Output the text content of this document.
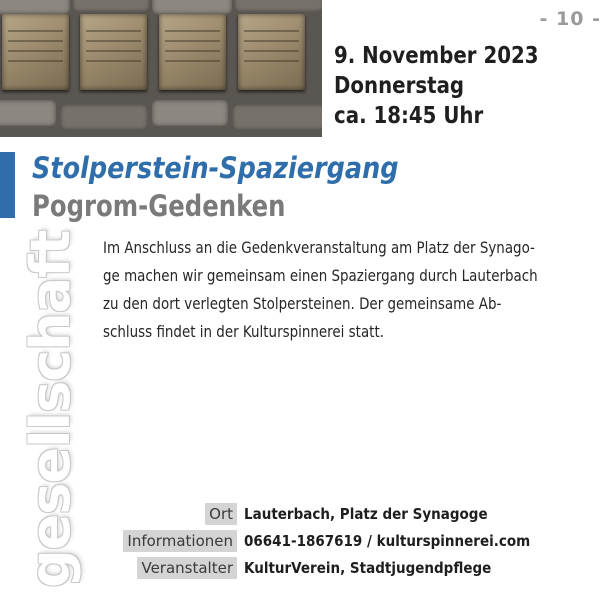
- 10 -
9. November 2023
Donnerstag
ca. 18:45 Uhr
Stolperstein-Spaziergang
Pogrom-Gedenken
Im Anschluss an die Gedenkveranstaltung am Platz der Synago-
ge machen wir gemeinsam einen Spaziergang durch Lauterbach
zu den dort verlegten Stolpersteinen. Der gemeinsame Ab-
schluss findet in der Kulturspinnerei statt.
gesellschaft	Ort Lauterbach, Platz der Synagoge
Informationen 06641-1867619 / kulturspinnerei.com
Veranstalter KulturVerein, Stadtjugendpflege
